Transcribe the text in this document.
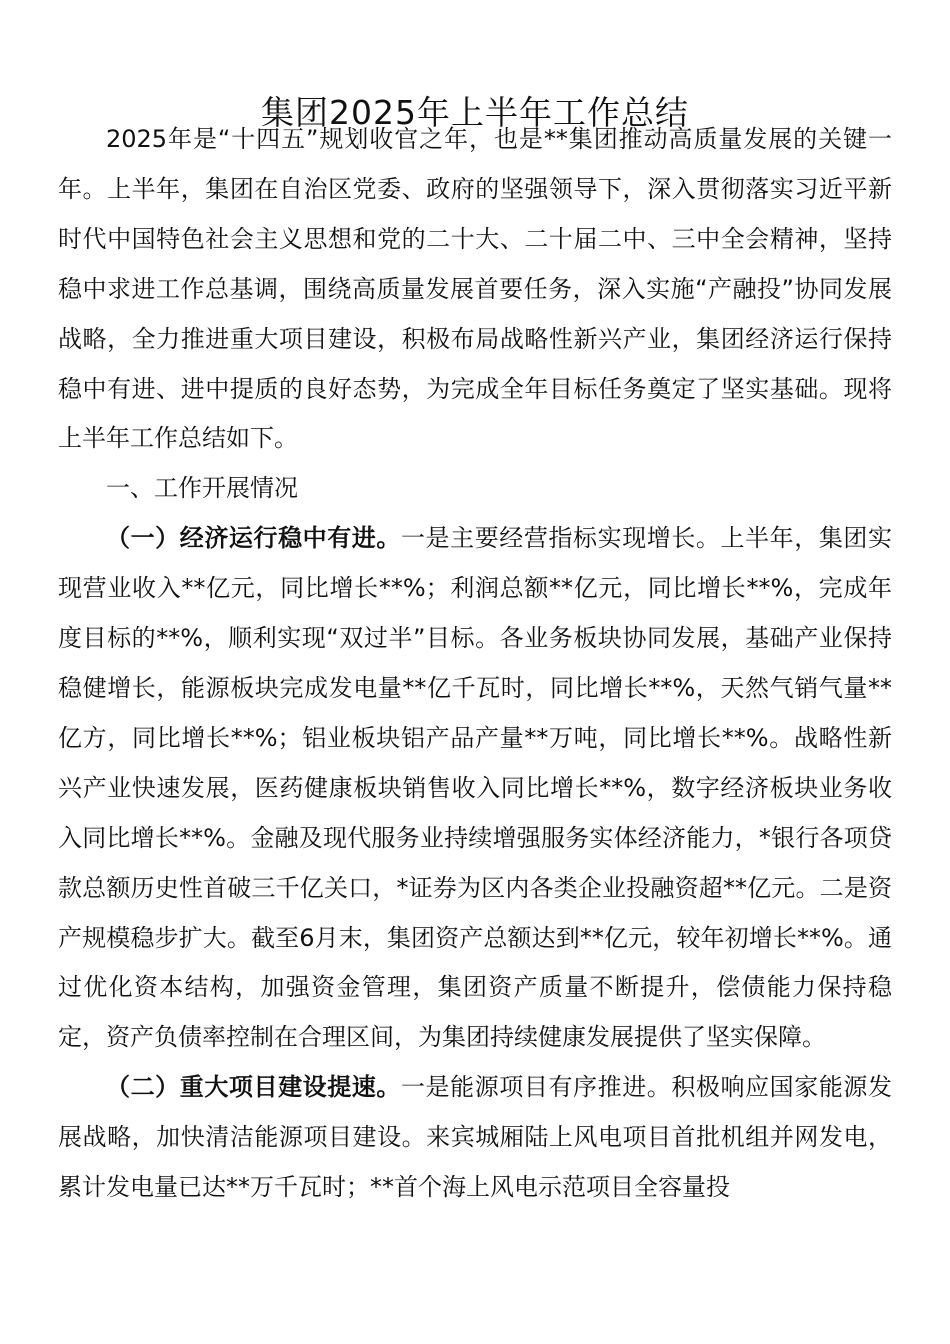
集团2025年上半年工作总结

2025年是“十四五”规划收官之年，也是**集团推动高质量发展的关键一年。上半年，集团在自治区党委、政府的坚强领导下，深入贯彻落实习近平新时代中国特色社会主义思想和党的二十大、二十届二中、三中全会精神，坚持稳中求进工作总基调，围绕高质量发展首要任务，深入实施“产融投”协同发展战略，全力推进重大项目建设，积极布局战略性新兴产业，集团经济运行保持稳中有进、进中提质的良好态势，为完成全年目标任务奠定了坚实基础。现将上半年工作总结如下。

一、工作开展情况

（一）经济运行稳中有进。一是主要经营指标实现增长。上半年，集团实现营业收入**亿元，同比增长**%；利润总额**亿元，同比增长**%，完成年度目标的**%，顺利实现“双过半”目标。各业务板块协同发展，基础产业保持稳健增长，能源板块完成发电量**亿千瓦时，同比增长**%，天然气销气量**亿方，同比增长**%；铝业板块铝产品产量**万吨，同比增长**%。战略性新兴产业快速发展，医药健康板块销售收入同比增长**%，数字经济板块业务收入同比增长**%。金融及现代服务业持续增强服务实体经济能力，*银行各项贷款总额历史性首破三千亿关口，*证券为区内各类企业投融资超**亿元。二是资产规模稳步扩大。截至6月末，集团资产总额达到**亿元，较年初增长**%。通过优化资本结构，加强资金管理，集团资产质量不断提升，偿债能力保持稳定，资产负债率控制在合理区间，为集团持续健康发展提供了坚实保障。

（二）重大项目建设提速。一是能源项目有序推进。积极响应国家能源发展战略，加快清洁能源项目建设。来宾城厢陆上风电项目首批机组并网发电，累计发电量已达**万千瓦时；**首个海上风电示范项目全容量投
